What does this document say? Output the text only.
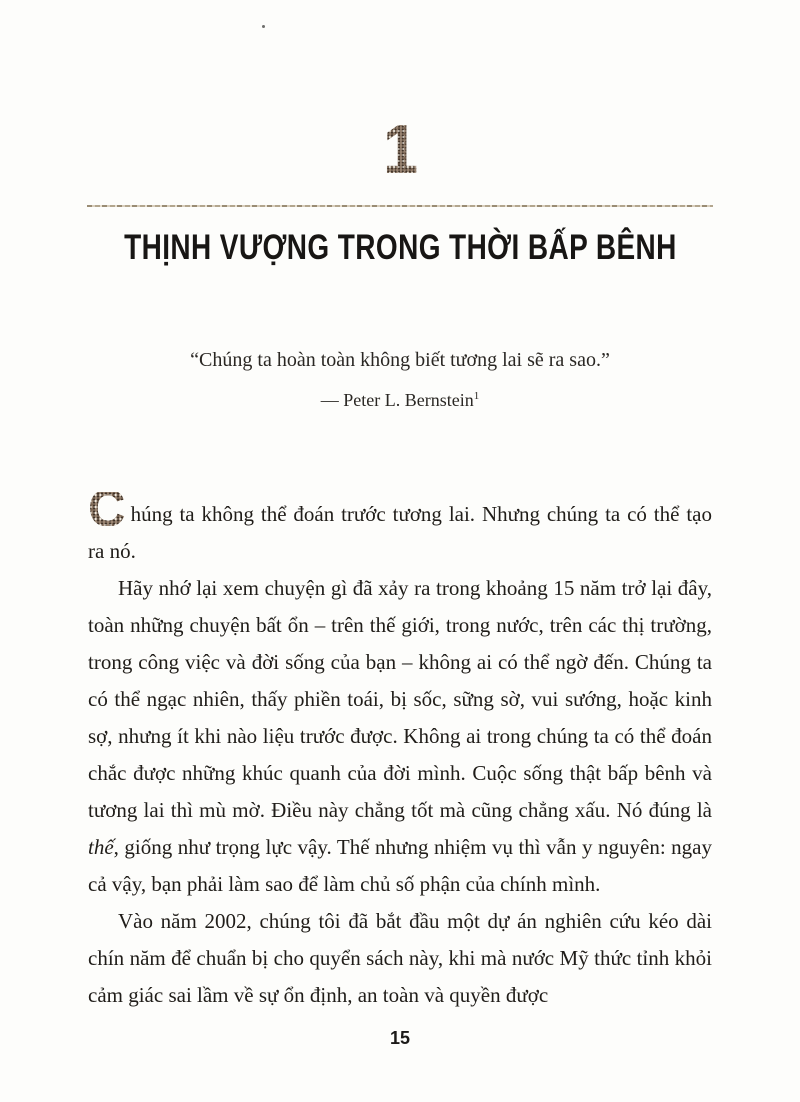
1
THỊNH VƯỢNG TRONG THỜI BẤP BÊNH
“Chúng ta hoàn toàn không biết tương lai sẽ ra sao.”
— Peter L. Bernstein$^1$

C húng ta không thể đoán trước tương lai. Nhưng chúng ta có thể tạo ra nó.

Hãy nhớ lại xem chuyện gì đã xảy ra trong khoảng 15 năm trở lại đây, toàn những chuyện bất ổn – trên thế giới, trong nước, trên các thị trường, trong công việc và đời sống của bạn – không ai có thể ngờ đến. Chúng ta có thể ngạc nhiên, thấy phiền toái, bị sốc, sững sờ, vui sướng, hoặc kinh sợ, nhưng ít khi nào liệu trước được. Không ai trong chúng ta có thể đoán chắc được những khúc quanh của đời mình. Cuộc sống thật bấp bênh và tương lai thì mù mờ. Điều này chẳng tốt mà cũng chẳng xấu. Nó đúng là thế, giống như trọng lực vậy. Thế nhưng nhiệm vụ thì vẫn y nguyên: ngay cả vậy, bạn phải làm sao để làm chủ số phận của chính mình.

Vào năm 2002, chúng tôi đã bắt đầu một dự án nghiên cứu kéo dài chín năm để chuẩn bị cho quyển sách này, khi mà nước Mỹ thức tỉnh khỏi cảm giác sai lầm về sự ổn định, an toàn và quyền được

15
